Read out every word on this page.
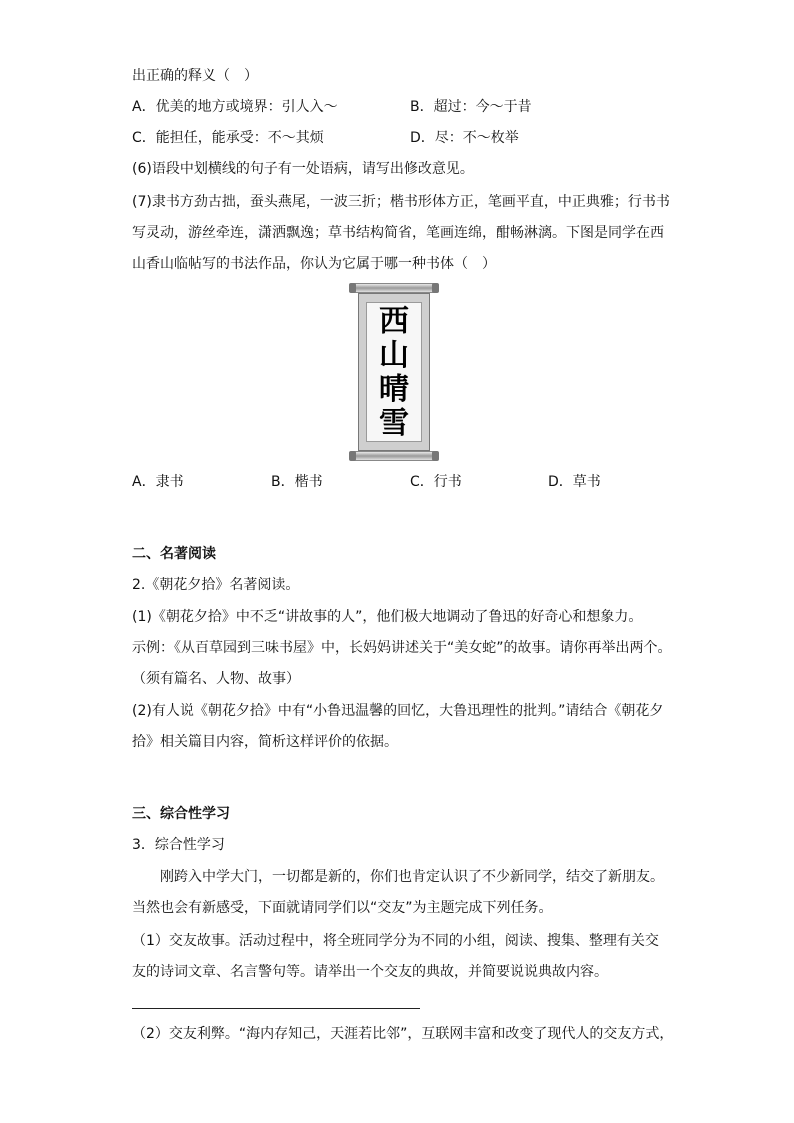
出正确的释义（　）
A．优美的地方或境界：引人入～	B．超过：今～于昔
C．能担任，能承受：不～其烦	D．尽：不～枚举
(6)语段中划横线的句子有一处语病，请写出修改意见。
(7)隶书方劲古拙，蚕头燕尾，一波三折；楷书形体方正，笔画平直，中正典雅；行书书
写灵动，游丝牵连，潇洒飘逸；草书结构简省，笔画连绵，酣畅淋漓。下图是同学在西
山香山临帖写的书法作品，你认为它属于哪一种书体（　）
西
山
晴
雪
A．隶书	B．楷书	C．行书	D．草书
二、名著阅读
2.《朝花夕拾》名著阅读。
(1)《朝花夕拾》中不乏“讲故事的人”，他们极大地调动了鲁迅的好奇心和想象力。
示例：《从百草园到三味书屋》中，长妈妈讲述关于“美女蛇”的故事。请你再举出两个。
（须有篇名、人物、故事）
(2)有人说《朝花夕拾》中有“小鲁迅温馨的回忆，大鲁迅理性的批判。”请结合《朝花夕
拾》相关篇目内容，简析这样评价的依据。
三、综合性学习
3．综合性学习
　　刚跨入中学大门，一切都是新的，你们也肯定认识了不少新同学，结交了新朋友。
当然也会有新感受，下面就请同学们以“交友”为主题完成下列任务。
（1）交友故事。活动过程中，将全班同学分为不同的小组，阅读、搜集、整理有关交
友的诗词文章、名言警句等。请举出一个交友的典故，并简要说说典故内容。
（2）交友利弊。“海内存知己，天涯若比邻”，互联网丰富和改变了现代人的交友方式，
